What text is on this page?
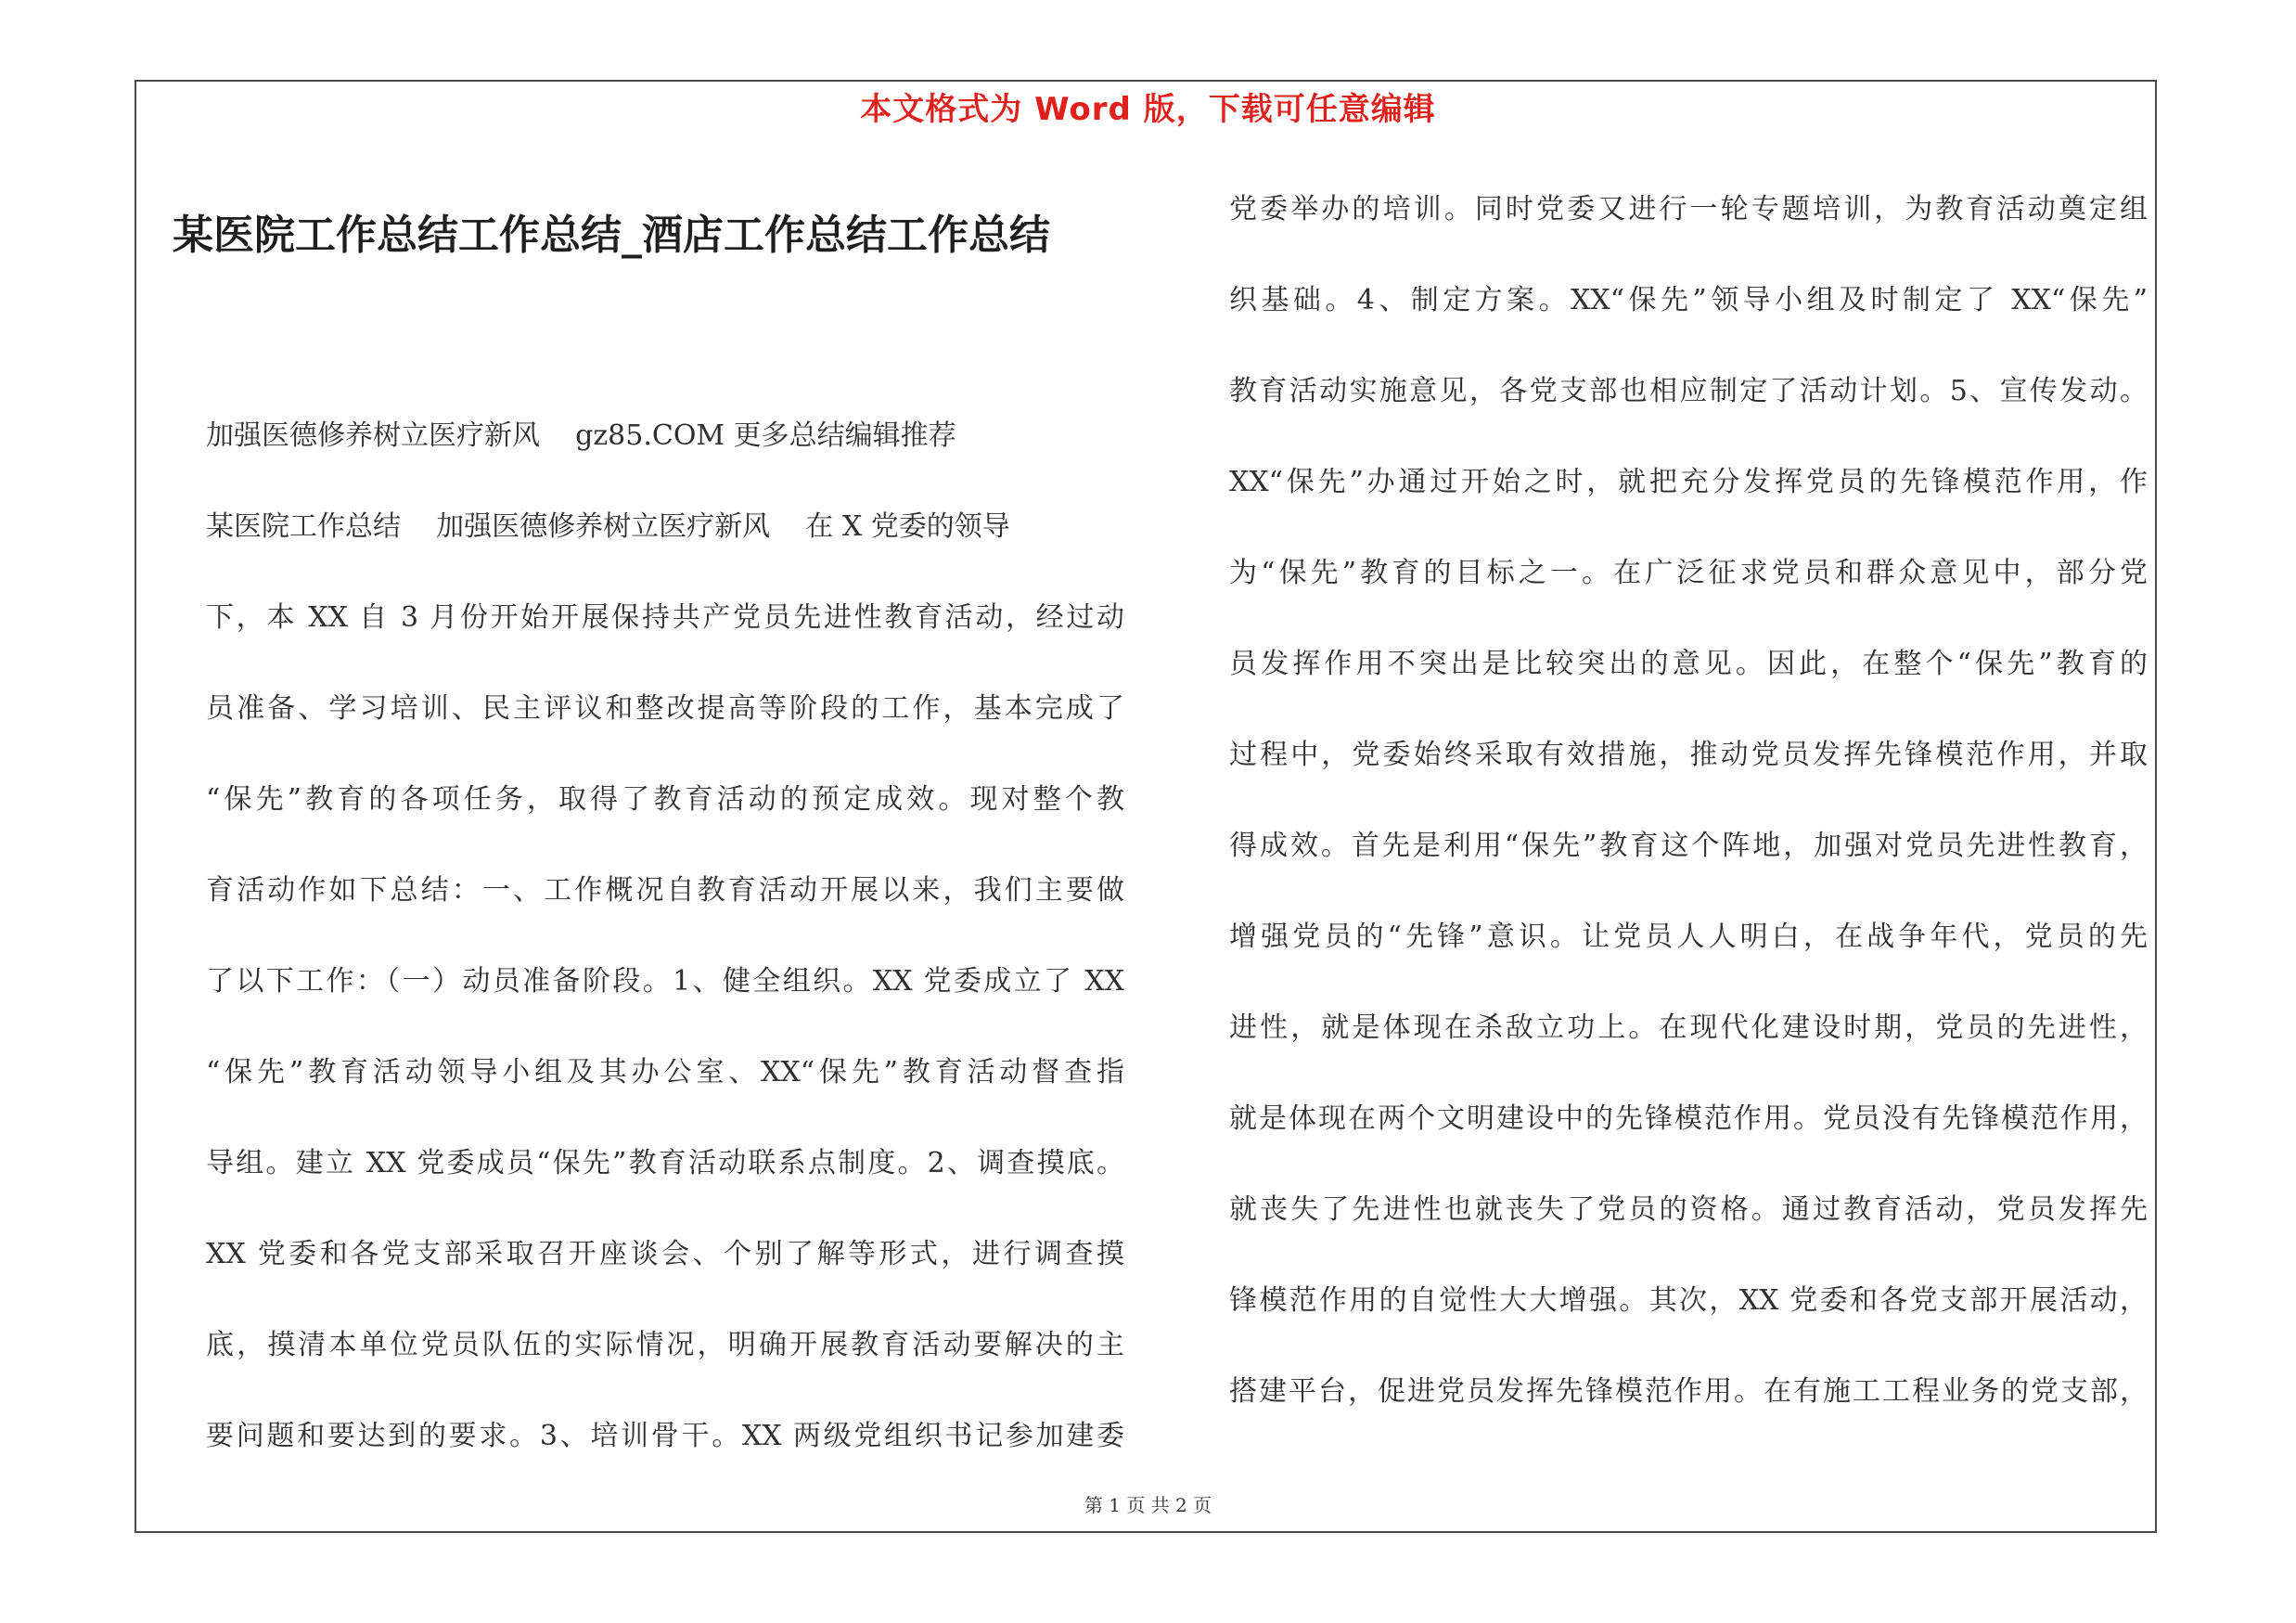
本文格式为 Word 版，下载可任意编辑
某医院工作总结工作总结_酒店工作总结工作总结
加强医德修养树立医疗新风    gz85.COM 更多总结编辑推荐
某医院工作总结    加强医德修养树立医疗新风    在 X 党委的领导
下，本 XX 自 3 月份开始开展保持共产党员先进性教育活动，经过动
员准备、学习培训、民主评议和整改提高等阶段的工作，基本完成了
“保先”教育的各项任务，取得了教育活动的预定成效。现对整个教
育活动作如下总结：一、工作概况自教育活动开展以来，我们主要做
了以下工作：（一）动员准备阶段。1、健全组织。XX 党委成立了 XX
“保先”教育活动领导小组及其办公室、XX“保先”教育活动督查指
导组。建立 XX 党委成员“保先”教育活动联系点制度。2、调查摸底。
XX 党委和各党支部采取召开座谈会、个别了解等形式，进行调查摸
底，摸清本单位党员队伍的实际情况，明确开展教育活动要解决的主
要问题和要达到的要求。3、培训骨干。XX 两级党组织书记参加建委
党委举办的培训。同时党委又进行一轮专题培训，为教育活动奠定组
织基础。4、制定方案。XX“保先”领导小组及时制定了 XX“保先”
教育活动实施意见，各党支部也相应制定了活动计划。5、宣传发动。
XX“保先”办通过开始之时，就把充分发挥党员的先锋模范作用，作
为“保先”教育的目标之一。在广泛征求党员和群众意见中，部分党
员发挥作用不突出是比较突出的意见。因此，在整个“保先”教育的
过程中，党委始终采取有效措施，推动党员发挥先锋模范作用，并取
得成效。首先是利用“保先”教育这个阵地，加强对党员先进性教育，
增强党员的“先锋”意识。让党员人人明白，在战争年代，党员的先
进性，就是体现在杀敌立功上。在现代化建设时期，党员的先进性，
就是体现在两个文明建设中的先锋模范作用。党员没有先锋模范作用，
就丧失了先进性也就丧失了党员的资格。通过教育活动，党员发挥先
锋模范作用的自觉性大大增强。其次，XX 党委和各党支部开展活动，
搭建平台，促进党员发挥先锋模范作用。在有施工工程业务的党支部，
第 1 页 共 2 页
